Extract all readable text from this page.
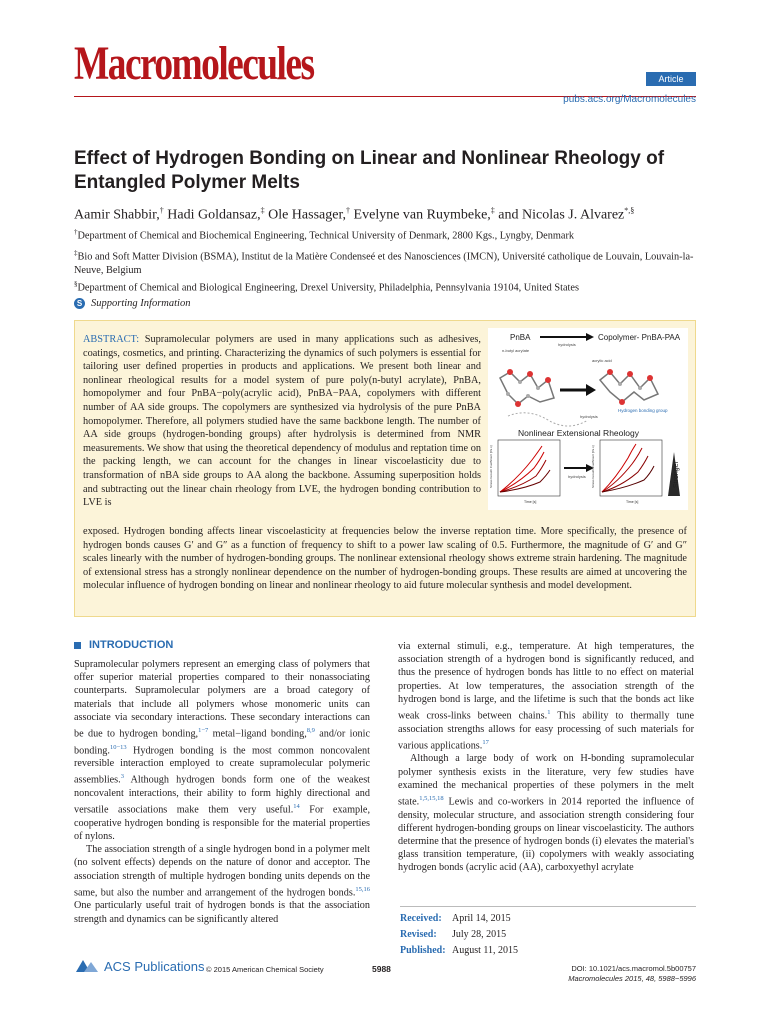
Macromolecules	Article
pubs.acs.org/Macromolecules
Effect of Hydrogen Bonding on Linear and Nonlinear Rheology of Entangled Polymer Melts
Aamir Shabbir,† Hadi Goldansaz,‡ Ole Hassager,† Evelyne van Ruymbeke,‡ and Nicolas J. Alvarez*,§
†Department of Chemical and Biochemical Engineering, Technical University of Denmark, 2800 Kgs., Lyngby, Denmark
‡Bio and Soft Matter Division (BSMA), Institut de la Matière Condenseé et des Nanosciences (IMCN), Université catholique de Louvain, Louvain-la-Neuve, Belgium
§Department of Chemical and Biological Engineering, Drexel University, Philadelphia, Pennsylvania 19104, United States
S Supporting Information
ABSTRACT: Supramolecular polymers are used in many applications such as adhesives, coatings, cosmetics, and printing. Characterizing the dynamics of such polymers is essential for tailoring user defined properties in products and applications. We present both linear and nonlinear rheological results for a model system of pure poly(n-butyl acrylate), PnBA, homopolymer and four PnBA−poly(acrylic acid), PnBA−PAA, copolymers with different number of AA side groups. The copolymers are synthesized via hydrolysis of the pure PnBA homopolymer. Therefore, all polymers studied have the same backbone length. The number of AA side groups (hydrogen-bonding groups) after hydrolysis is determined from NMR measurements. We show that using the theoretical dependency of modulus and reptation time on the packing length, we can account for the changes in linear viscoelasticity due to transformation of nBA side groups to AA along the backbone. Assuming superposition holds and subtracting out the linear chain rheology from LVE, the hydrogen bonding contribution to LVE is
exposed. Hydrogen bonding affects linear viscoelasticity at frequencies below the inverse reptation time. More specifically, the presence of hydrogen bonds causes G′ and G″ as a function of frequency to shift to a power law scaling of 0.5. Furthermore, the magnitude of G′ and G″ scales linearly with the number of hydrogen-bonding groups. The nonlinear extensional rheology shows extreme strain hardening. The magnitude of extensional stress has a strongly nonlinear dependence on the number of hydrogen-bonding groups. These results are aimed at uncovering the molecular influence of hydrogen bonding on linear and nonlinear rheology to aid future molecular synthesis and model development.
PnBA	Copolymer- PnBA-PAA
hydrolysis
n-butyl acrylate
acrylic acid
hydrolysis
Hydrogen bonding group
Nonlinear Extensional Rheology
Stress Growth Coefficient [Pa s]
Time [s]
hydrolysis Stress Growth Coefficient [Pa s]
Time [s]
Stronger
INTRODUCTION

Supramolecular polymers represent an emerging class of polymers that offer superior material properties compared to their nonassociating counterparts. Supramolecular polymers are a broad category of materials that include all polymers whose monomeric units can associate via secondary interactions. These secondary interactions can be due to hydrogen bonding,$^{1-7}$ metal−ligand bonding,$^{8,9}$ and/or ionic bonding.$^{10-13}$ Hydrogen bonding is the most common noncovalent reversible interaction employed to create supramolecular polymeric assemblies.$^3$ Although hydrogen bonds form one of the weakest noncovalent interactions, their ability to form highly directional and versatile associations make them very useful.$^{14}$ For example, cooperative hydrogen bonding is responsible for the material properties of nylons.

The association strength of a single hydrogen bond in a polymer melt (no solvent effects) depends on the nature of donor and acceptor. The association strength of multiple hydrogen bonding units depends on the same, but also the number and arrangement of the hydrogen bonds.$^{15,16}$ One particularly useful trait of hydrogen bonds is that the association strength and dynamics can be significantly altered

via external stimuli, e.g., temperature. At high temperatures, the association strength of a hydrogen bond is significantly reduced, and thus the presence of hydrogen bonds has little to no effect on material properties. At low temperatures, the association strength of the hydrogen bond is large, and the lifetime is such that the bonds act like weak cross-links between chains.$^1$ This ability to thermally tune association strengths allows for easy processing of such materials for various applications.$^{17}$

Although a large body of work on H-bonding supramolecular polymer synthesis exists in the literature, very few studies have examined the mechanical properties of these polymers in the melt state.$^{1,5,15,18}$ Lewis and co-workers in 2014 reported the influence of density, molecular structure, and association strength considering four different hydrogen-bonding groups on linear viscoelasticity. The authors determine that the presence of hydrogen bonds (i) elevates the material's glass transition temperature, (ii) copolymers with weakly associating hydrogen bonds (acrylic acid (AA), carboxyethyl acrylate

Received:	April 14, 2015
Revised:	July 28, 2015
Published: August 11, 2015
ACS Publications © 2015 American Chemical Society	5988	DOI: 10.1021/acs.macromol.5b00757
Macromolecules 2015, 48, 5988−5996
